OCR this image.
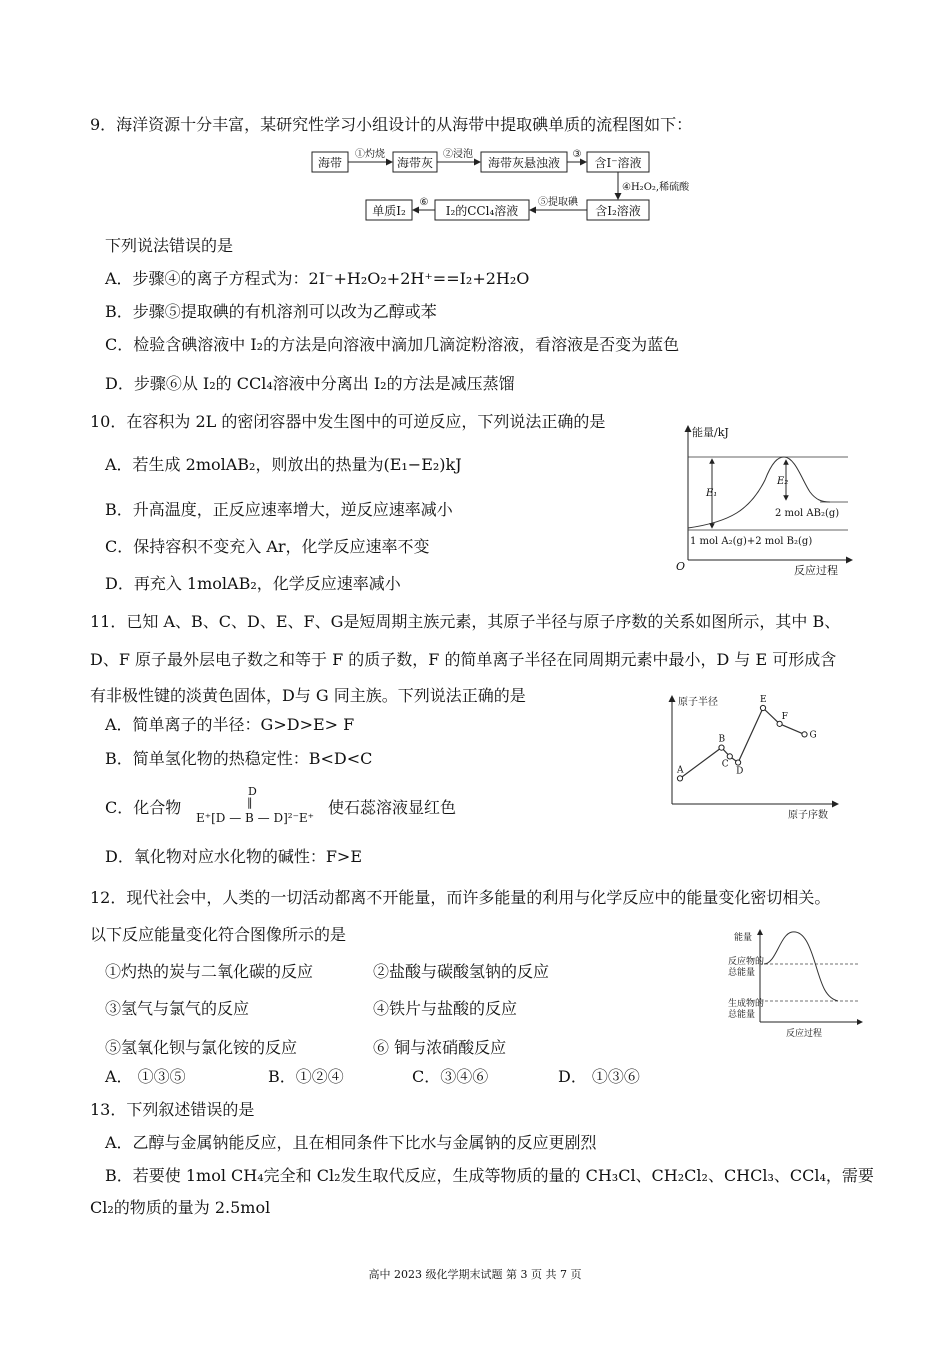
9．海洋资源十分丰富，某研究性学习小组设计的从海带中提取碘单质的流程图如下：
海带	海带灰	海带灰悬浊液	含I⁻溶液
含I₂溶液
I₂的CCl₄溶液
单质I₂
①灼烧	②浸泡	③
④H₂O₂,稀硫酸
⑤提取碘
⑥
下列说法错误的是
A．步骤④的离子方程式为：2I⁻+H₂O₂+2H⁺==I₂+2H₂O
B．步骤⑤提取碘的有机溶剂可以改为乙醇或苯
C．检验含碘溶液中 I₂的方法是向溶液中滴加几滴淀粉溶液，看溶液是否变为蓝色
D．步骤⑥从 I₂的 CCl₄溶液中分离出 I₂的方法是减压蒸馏
10．在容积为 2L 的密闭容器中发生图中的可逆反应，下列说法正确的是
A．若生成 2molAB₂，则放出的热量为(E₁−E₂)kJ
B．升高温度，正反应速率增大，逆反应速率减小
C．保持容积不变充入 Ar，化学反应速率不变
D．再充入 1molAB₂，化学反应速率减小
能量/kJ
反应过程
O
E₁
E₂
2 mol AB₂(g)
1 mol A₂(g)+2 mol B₂(g)
11．已知 A、B、C、D、E、F、G是短周期主族元素，其原子半径与原子序数的关系如图所示，其中 B、
D、F 原子最外层电子数之和等于 F 的质子数，F 的简单离子半径在同周期元素中最小，D 与 E 可形成含
有非极性键的淡黄色固体，D与 G 同主族。下列说法正确的是
A．简单离子的半径：G>D>E> F
B．简单氢化物的热稳定性：B<D<C
C．化合物
D
‖
E⁺[D — B — D]²⁻E⁺
使石蕊溶液显红色
D．氧化物对应水化物的碱性：F>E
原子半径
原子序数
A
B
C
D
E
F
G
12．现代社会中，人类的一切活动都离不开能量，而许多能量的利用与化学反应中的能量变化密切相关。
以下反应能量变化符合图像所示的是
①灼热的炭与二氧化碳的反应	②盐酸与碳酸氢钠的反应
③氢气与氯气的反应	④铁片与盐酸的反应
⑤氢氧化钡与氯化铵的反应	⑥ 铜与浓硝酸反应
A． ①③⑤	B．①②④	C．③④⑥	D． ①③⑥
能量
反应物的
总能量
生成物的
总能量
反应过程
13．下列叙述错误的是
A．乙醇与金属钠能反应，且在相同条件下比水与金属钠的反应更剧烈
B．若要使 1mol CH₄完全和 Cl₂发生取代反应，生成等物质的量的 CH₃Cl、CH₂Cl₂、CHCl₃、CCl₄，需要
Cl₂的物质的量为 2.5mol
高中 2023 级化学期末试题 第 3 页 共 7 页
